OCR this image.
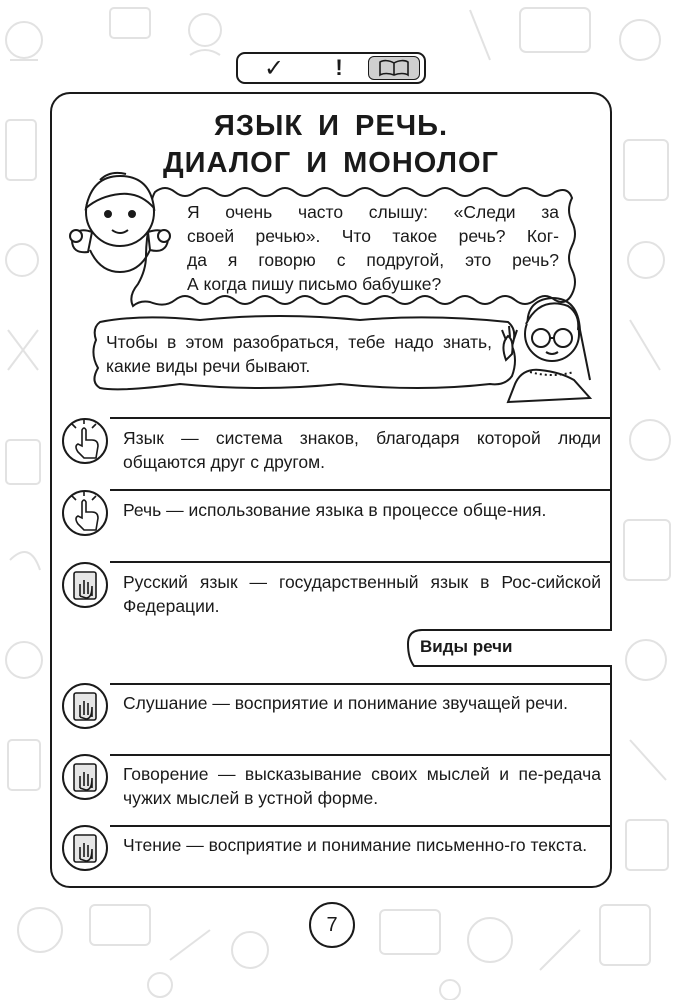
✓	!
ЯЗЫК И РЕЧЬ.
ДИАЛОГ И МОНОЛОГ
Я очень часто слышу: «Следи за
своей речью». Что такое речь? Ког-
да я говорю с подругой, это речь?
А когда пишу письмо бабушке?
Чтобы в этом разобраться, тебе надо знать, какие виды речи бывают.
Язык — система знаков, благодаря которой люди общаются друг с другом.
Речь — использование языка в процессе обще-ния.
Русский язык — государственный язык в Рос-сийской Федерации.
Виды речи
Слушание — восприятие и понимание звучащей речи.
Говорение — высказывание своих мыслей и пе-редача чужих мыслей в устной форме.
Чтение — восприятие и понимание письменно-го текста.
7
